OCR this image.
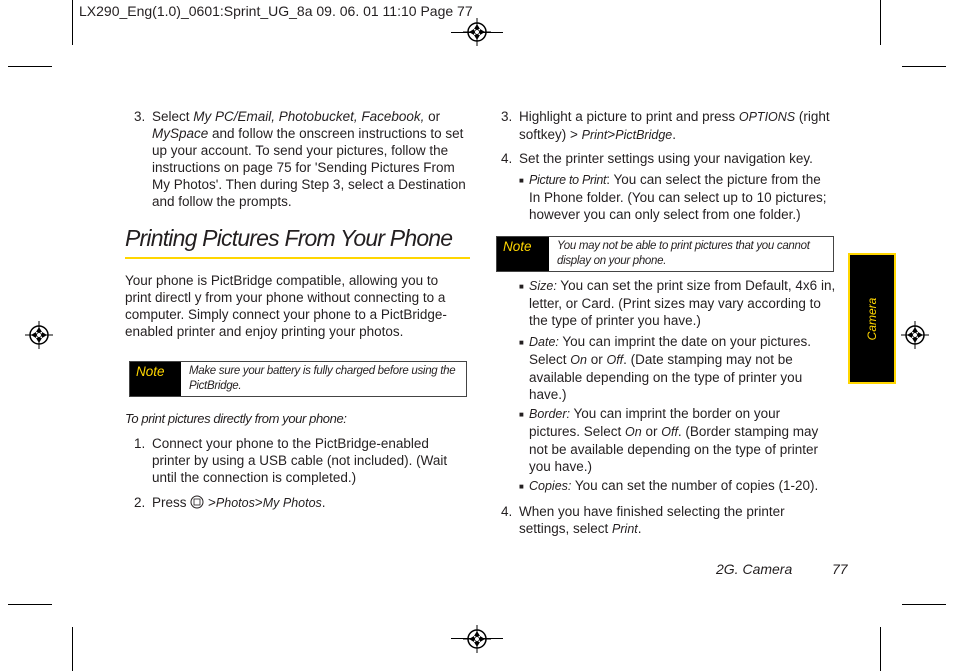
LX290_Eng(1.0)_0601:Sprint_UG_8a 09. 06. 01 11:10 Page 77
3. Select My PC/Email, Photobucket, Facebook, or MySpace and follow the onscreen instructions to set up your account. To send your pictures, follow the instructions on page 75 for 'Sending Pictures From My Photos'. Then during Step 3, select a Destination and follow the prompts.
Printing Pictures From Your Phone
Your phone is PictBridge compatible, allowing you to print directl y from your phone without connecting to a computer. Simply connect your phone to a PictBridge-enabled printer and enjoy printing your photos.
Note	Make sure your battery is fully charged before using the PictBridge.
To print pictures directly from your phone:
1. Connect your phone to the PictBridge-enabled printer by using a USB cable (not included). (Wait until the connection is completed.)
2. Press  >Photos>My Photos.
3. Highlight a picture to print and press OPTIONS (right softkey) > Print>PictBridge.
4. Set the printer settings using your navigation key.
■ Picture to Print: You can select the picture from the In Phone folder. (You can select up to 10 pictures; however you can only select from one folder.)
Note	You may not be able to print pictures that you cannot display on your phone.
■ Size: You can set the print size from Default, 4x6 in, letter, or Card. (Print sizes may vary according to the type of printer you have.)
■ Date: You can imprint the date on your pictures. Select On or Off. (Date stamping may not be available depending on the type of printer you have.)
■ Border: You can imprint the border on your pictures. Select On or Off. (Border stamping may not be available depending on the type of printer you have.)
■ Copies: You can set the number of copies (1-20).
4. When you have finished selecting the printer settings, select Print.
Camera
2G. Camera	77
